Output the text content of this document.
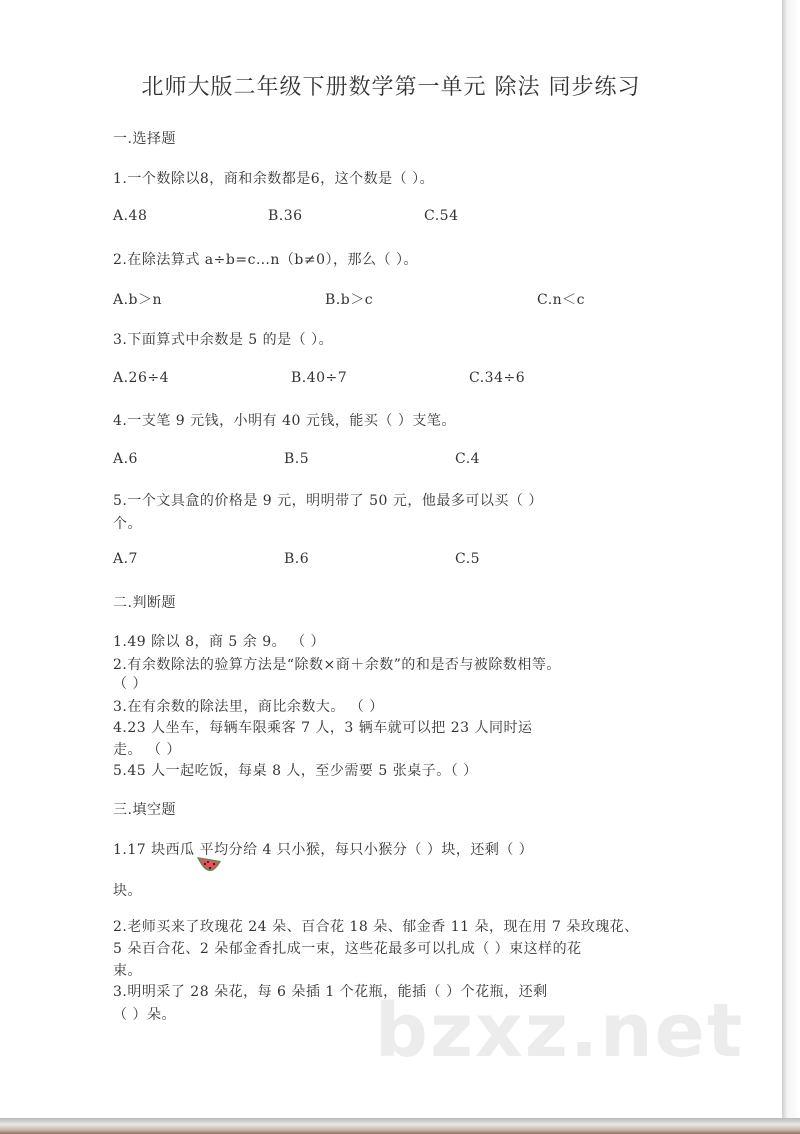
北师大版二年级下册数学第一单元 除法 同步练习
一.选择题
1.一个数除以8，商和余数都是6，这个数是（ ）。
A.48	B.36	C.54
2.在除法算式 a÷b=c…n（b≠0），那么（ ）。
A.b＞n	B.b＞c	C.n＜c
3.下面算式中余数是 5 的是（ ）。
A.26÷4	B.40÷7	C.34÷6
4.一支笔 9 元钱，小明有 40 元钱，能买（ ）支笔。
A.6	B.5	C.4
5.一个文具盒的价格是 9 元，明明带了 50 元，他最多可以买（ ）
个。
A.7	B.6	C.5
二.判断题
1.49 除以 8，商 5 余 9。 （ ）
2.有余数除法的验算方法是“除数×商＋余数”的和是否与被除数相等。
（ ）
3.在有余数的除法里，商比余数大。 （ ）
4.23 人坐车，每辆车限乘客 7 人，3 辆车就可以把 23 人同时运
走。 （ ）
5.45 人一起吃饭，每桌 8 人，至少需要 5 张桌子。（ ）
三.填空题
1.17 块西瓜 平均分给 4 只小猴，每只小猴分（ ）块，还剩（ ）
块。
2.老师买来了玫瑰花 24 朵、百合花 18 朵、郁金香 11 朵，现在用 7 朵玫瑰花、
5 朵百合花、2 朵郁金香扎成一束，这些花最多可以扎成（ ）束这样的花
束。
3.明明采了 28 朵花，每 6 朵插 1 个花瓶，能插（ ）个花瓶，还剩
（ ）朵。	bzxz.net
